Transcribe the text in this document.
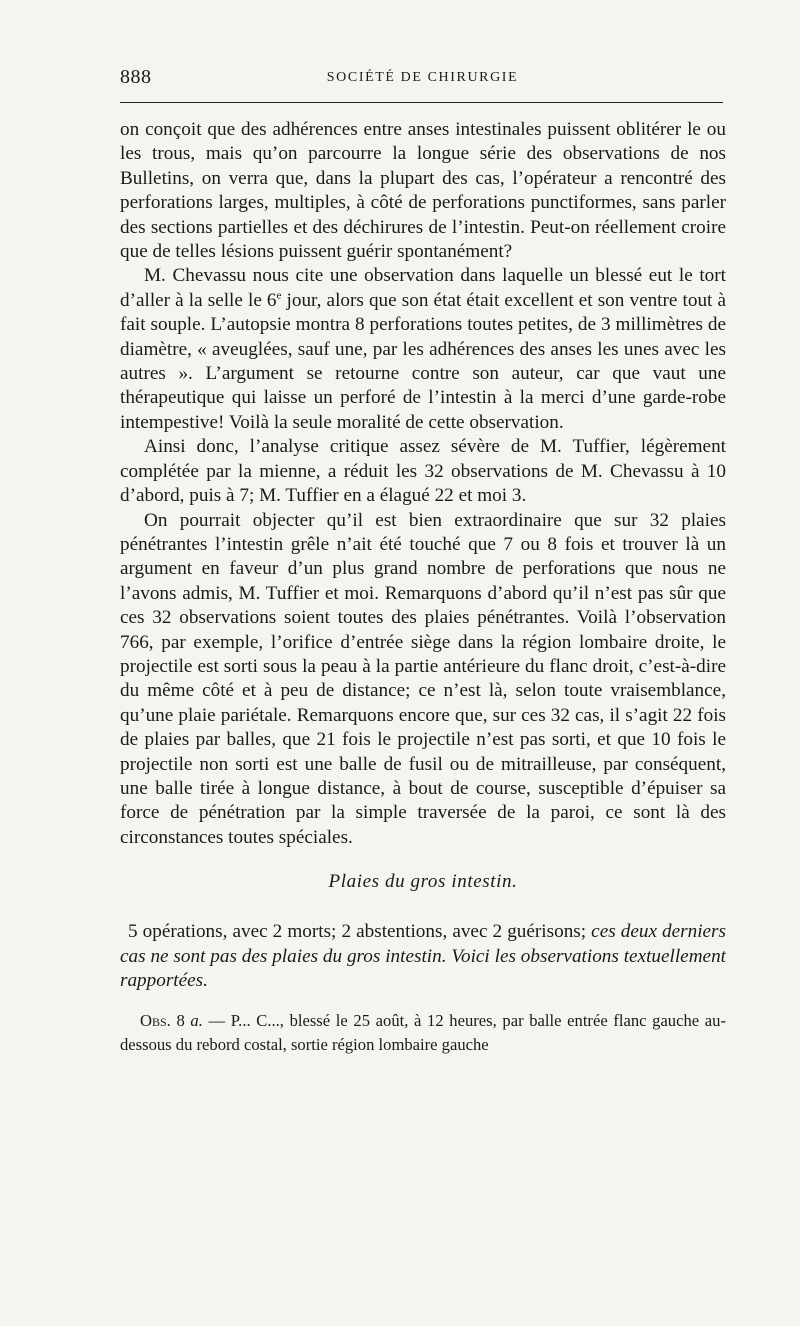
888	SOCIÉTÉ DE CHIRURGIE

on conçoit que des adhérences entre anses intestinales puissent oblitérer le ou les trous, mais qu’on parcourre la longue série des observations de nos Bulletins, on verra que, dans la plupart des cas, l’opérateur a rencontré des perforations larges, multiples, à côté de perforations punctiformes, sans parler des sections partielles et des déchirures de l’intestin. Peut-on réellement croire que de telles lésions puissent guérir spontanément?

M. Chevassu nous cite une observation dans laquelle un blessé eut le tort d’aller à la selle le 6e jour, alors que son état était excellent et son ventre tout à fait souple. L’autopsie montra 8 perforations toutes petites, de 3 millimètres de diamètre, « aveuglées, sauf une, par les adhérences des anses les unes avec les autres ». L’argument se retourne contre son auteur, car que vaut une thérapeutique qui laisse un perforé de l’intestin à la merci d’une garde-robe intempestive! Voilà la seule moralité de cette observation.

Ainsi donc, l’analyse critique assez sévère de M. Tuffier, légèrement complétée par la mienne, a réduit les 32 observations de M. Chevassu à 10 d’abord, puis à 7; M. Tuffier en a élagué 22 et moi 3.

On pourrait objecter qu’il est bien extraordinaire que sur 32 plaies pénétrantes l’intestin grêle n’ait été touché que 7 ou 8 fois et trouver là un argument en faveur d’un plus grand nombre de perforations que nous ne l’avons admis, M. Tuffier et moi. Remarquons d’abord qu’il n’est pas sûr que ces 32 observations soient toutes des plaies pénétrantes. Voilà l’observation 766, par exemple, l’orifice d’entrée siège dans la région lombaire droite, le projectile est sorti sous la peau à la partie antérieure du flanc droit, c’est-à-dire du même côté et à peu de distance; ce n’est là, selon toute vraisemblance, qu’une plaie pariétale. Remarquons encore que, sur ces 32 cas, il s’agit 22 fois de plaies par balles, que 21 fois le projectile n’est pas sorti, et que 10 fois le projectile non sorti est une balle de fusil ou de mitrailleuse, par conséquent, une balle tirée à longue distance, à bout de course, susceptible d’épuiser sa force de pénétration par la simple traversée de la paroi, ce sont là des circonstances toutes spéciales.

Plaies du gros intestin.

5 opérations, avec 2 morts; 2 abstentions, avec 2 guérisons; ces deux derniers cas ne sont pas des plaies du gros intestin. Voici les observations textuellement rapportées.

Obs. 8 a. — P... C..., blessé le 25 août, à 12 heures, par balle entrée flanc gauche au-dessous du rebord costal, sortie région lombaire gauche
